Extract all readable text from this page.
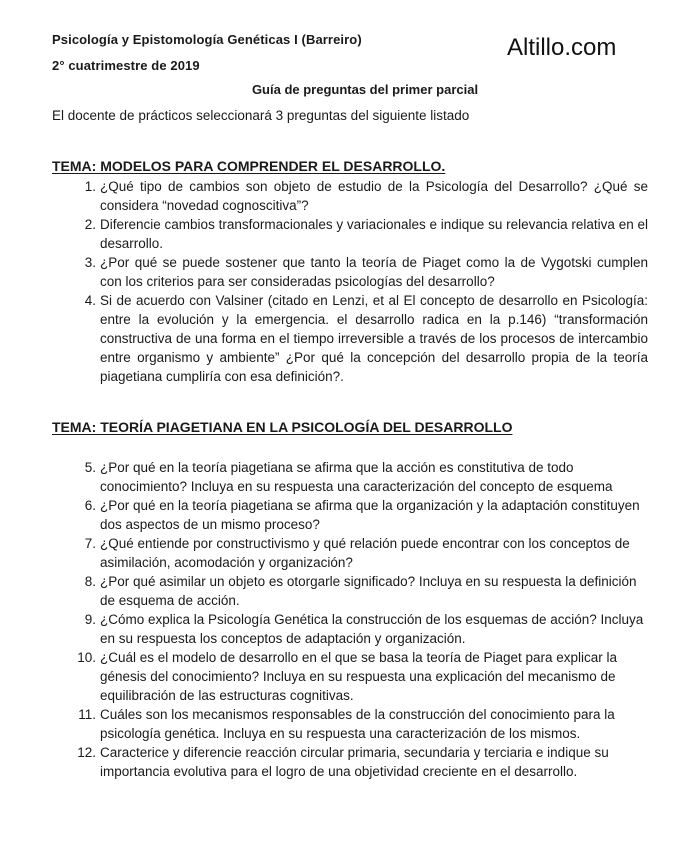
Psicología y Epistomología Genéticas I (Barreiro)
2° cuatrimestre de 2019
Altillo.com
Guía de preguntas del primer parcial
El docente de prácticos seleccionará 3 preguntas del siguiente listado
TEMA: MODELOS PARA COMPRENDER EL DESARROLLO.
1. ¿Qué tipo de cambios son objeto de estudio de la Psicología del Desarrollo? ¿Qué se considera “novedad cognoscitiva”?
2. Diferencie cambios transformacionales y variacionales e indique su relevancia relativa en el desarrollo.
3. ¿Por qué se puede sostener que tanto la teoría de Piaget como la de Vygotski cumplen con los criterios para ser consideradas psicologías del desarrollo?
4. Si de acuerdo con Valsiner (citado en Lenzi, et al El concepto de desarrollo en Psicología: entre la evolución y la emergencia. el desarrollo radica en la p.146) “transformación constructiva de una forma en el tiempo irreversible a través de los procesos de intercambio entre organismo y ambiente” ¿Por qué la concepción del desarrollo propia de la teoría piagetiana cumpliría con esa definición?.
TEMA: TEORÍA PIAGETIANA EN LA PSICOLOGÍA DEL DESARROLLO
5. ¿Por qué en la teoría piagetiana se afirma que la acción es constitutiva de todo conocimiento? Incluya en su respuesta una caracterización del concepto de esquema
6. ¿Por qué en la teoría piagetiana se afirma que la organización y la adaptación constituyen dos aspectos de un mismo proceso?
7. ¿Qué entiende por constructivismo y qué relación puede encontrar con los conceptos de asimilación, acomodación y organización?
8. ¿Por qué asimilar un objeto es otorgarle significado? Incluya en su respuesta la definición de esquema de acción.
9. ¿Cómo explica la Psicología Genética la construcción de los esquemas de acción? Incluya en su respuesta los conceptos de adaptación y organización.
10. ¿Cuál es el modelo de desarrollo en el que se basa la teoría de Piaget para explicar la génesis del conocimiento? Incluya en su respuesta una explicación del mecanismo de equilibración de las estructuras cognitivas.
11. Cuáles son los mecanismos responsables de la construcción del conocimiento para la psicología genética. Incluya en su respuesta una caracterización de los mismos.
12. Caracterice y diferencie reacción circular primaria, secundaria y terciaria e indique su importancia evolutiva para el logro de una objetividad creciente en el desarrollo.
